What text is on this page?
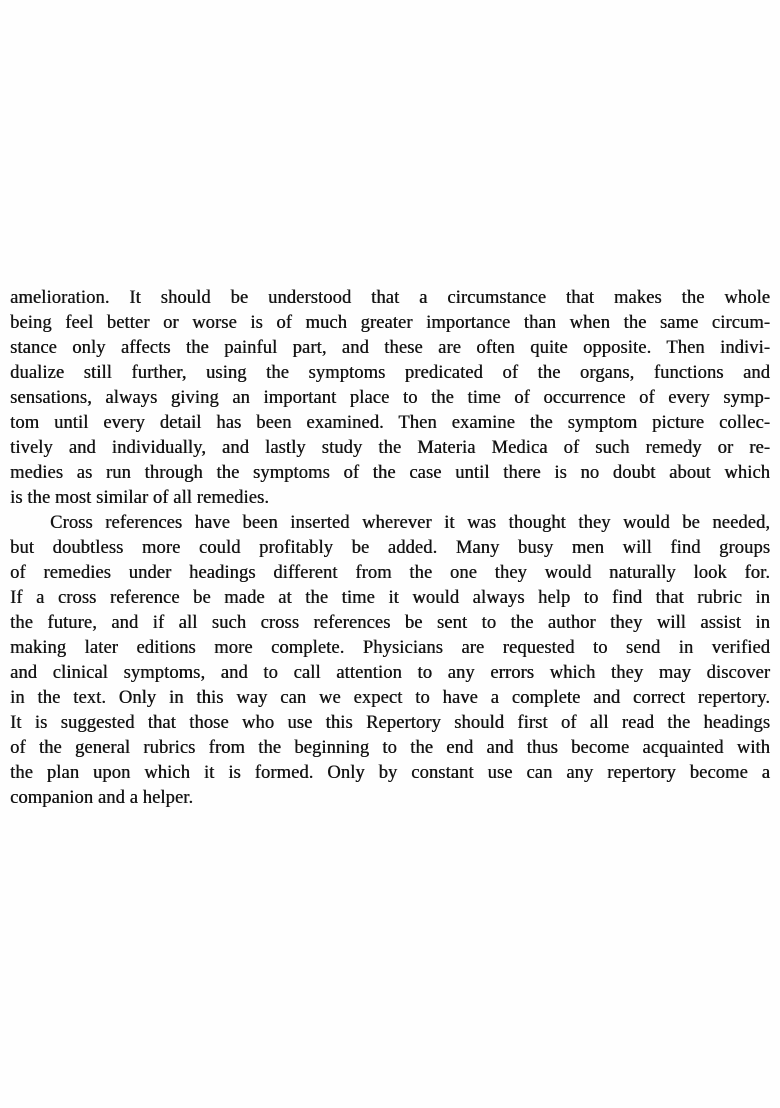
amelioration. It should be understood that a circumstance that makes the whole
being feel better or worse is of much greater importance than when the same circum-
stance only affects the painful part, and these are often quite opposite. Then indivi-
dualize still further, using the symptoms predicated of the organs, functions and
sensations, always giving an important place to the time of occurrence of every symp-
tom until every detail has been examined. Then examine the symptom picture collec-
tively and individually, and lastly study the Materia Medica of such remedy or re-
medies as run through the symptoms of the case until there is no doubt about which
is the most similar of all remedies.
Cross references have been inserted wherever it was thought they would be needed,
but doubtless more could profitably be added. Many busy men will find groups
of remedies under headings different from the one they would naturally look for.
If a cross reference be made at the time it would always help to find that rubric in
the future, and if all such cross references be sent to the author they will assist in
making later editions more complete. Physicians are requested to send in verified
and clinical symptoms, and to call attention to any errors which they may discover
in the text. Only in this way can we expect to have a complete and correct repertory.
It is suggested that those who use this Repertory should first of all read the headings
of the general rubrics from the beginning to the end and thus become acquainted with
the plan upon which it is formed. Only by constant use can any repertory become a
companion and a helper.
